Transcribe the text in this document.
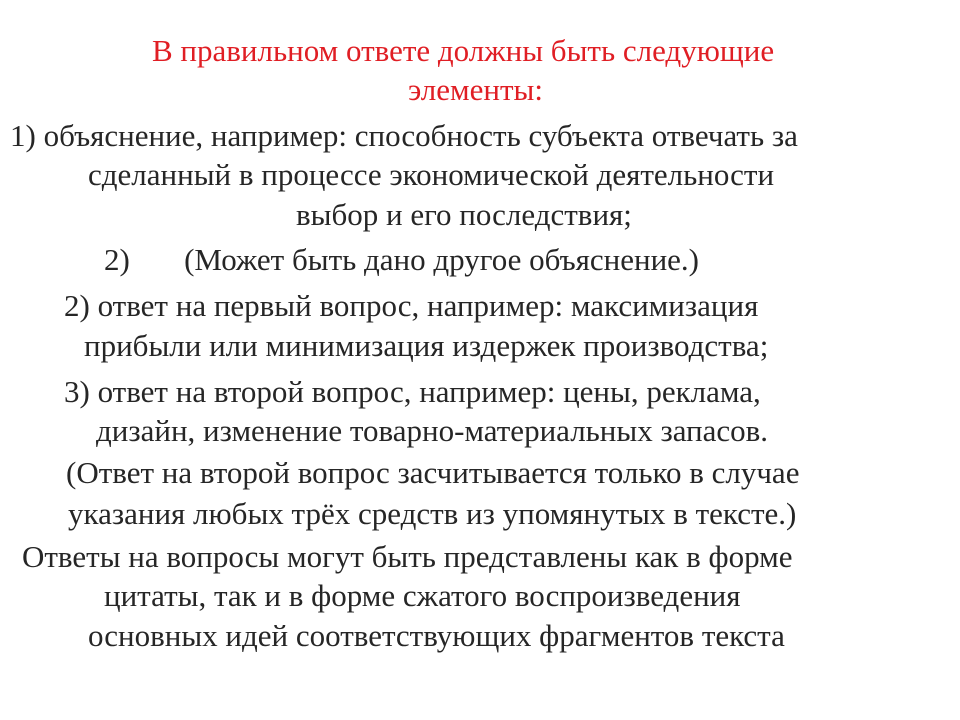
В правильном ответе должны быть следующие
элементы:
1) объяснение, например: способность субъекта отвечать за
сделанный в процессе экономической деятельности
выбор и его последствия;
2)       (Может быть дано другое объяснение.)
2) ответ на первый вопрос, например: максимизация
прибыли или минимизация издержек производства;
3) ответ на второй вопрос, например: цены, реклама,
дизайн, изменение товарно-материальных запасов.
(Ответ на второй вопрос засчитывается только в случае
указания любых трёх средств из упомянутых в тексте.)
Ответы на вопросы могут быть представлены как в форме
цитаты, так и в форме сжатого воспроизведения
основных идей соответствующих фрагментов текста
